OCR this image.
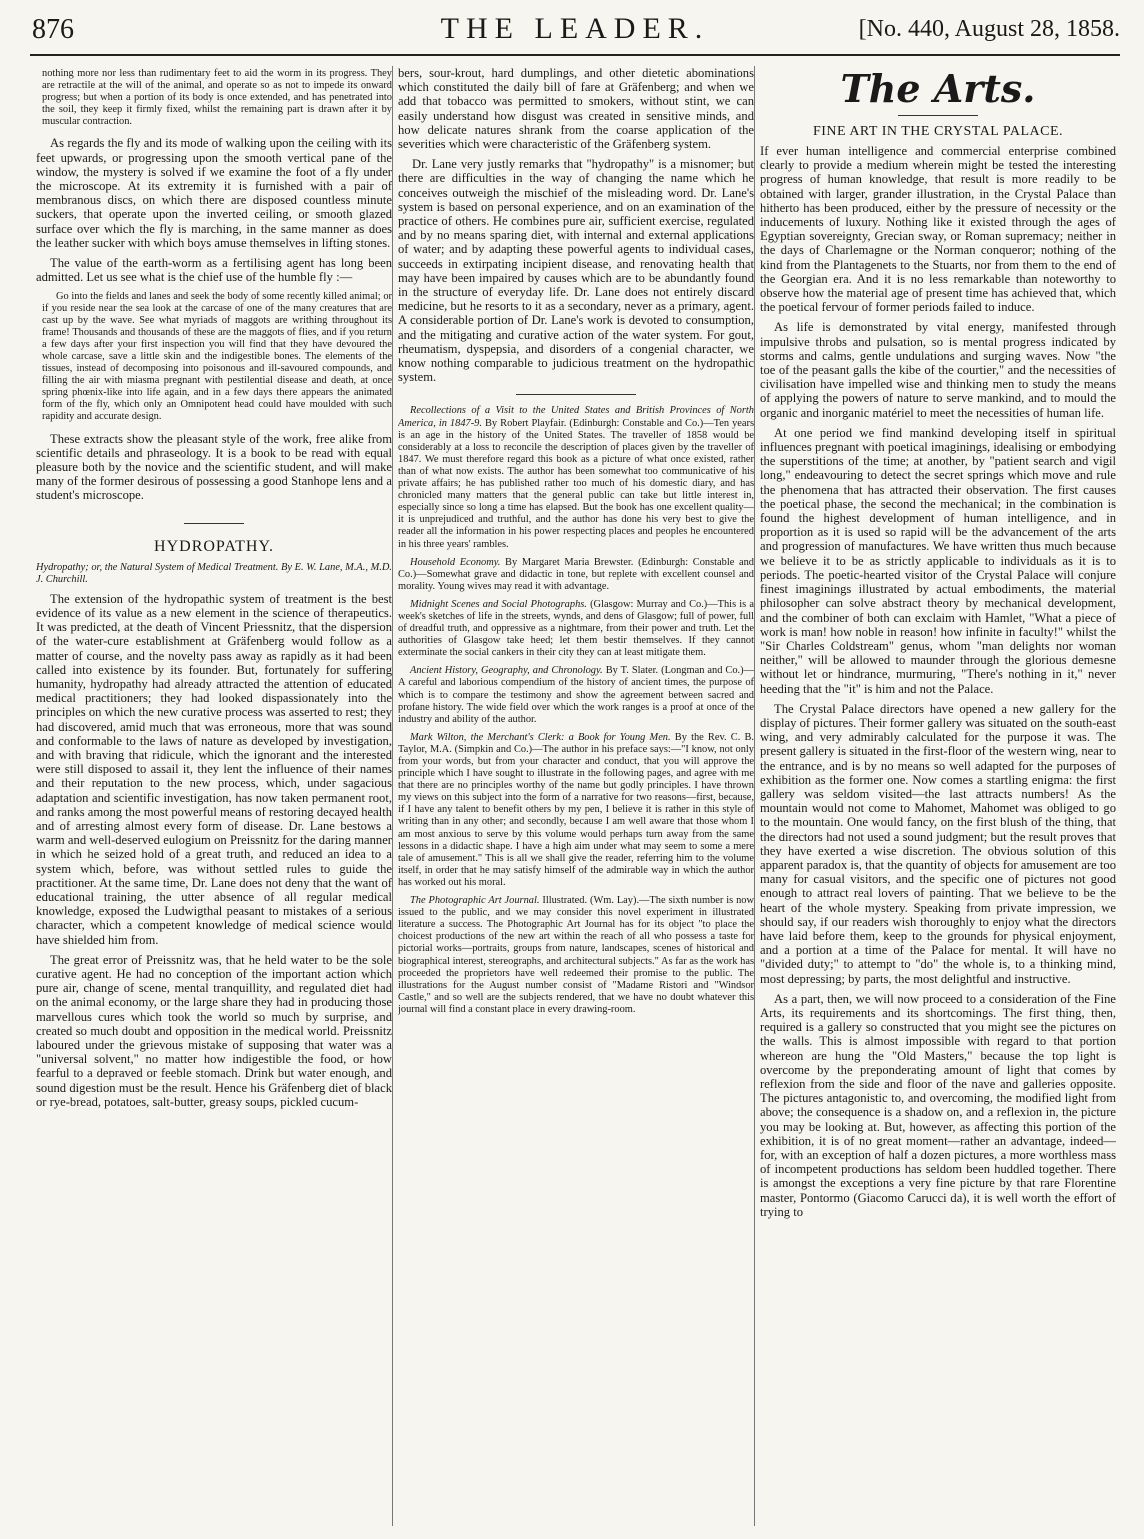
876	THE LEADER.	[No. 440, August 28, 1858.

nothing more nor less than rudimentary feet to aid the worm in its progress. They are retractile at the will of the animal, and operate so as not to impede its onward progress; but when a portion of its body is once extended, and has penetrated into the soil, they keep it firmly fixed, whilst the remaining part is drawn after it by muscular contraction.

As regards the fly and its mode of walking upon the ceiling with its feet upwards, or progressing upon the smooth vertical pane of the window, the mystery is solved if we examine the foot of a fly under the microscope. At its extremity it is furnished with a pair of membranous discs, on which there are disposed countless minute suckers, that operate upon the inverted ceiling, or smooth glazed surface over which the fly is marching, in the same manner as does the leather sucker with which boys amuse themselves in lifting stones.

The value of the earth-worm as a fertilising agent has long been admitted. Let us see what is the chief use of the humble fly :—

Go into the fields and lanes and seek the body of some recently killed animal; or if you reside near the sea look at the carcase of one of the many creatures that are cast up by the wave. See what myriads of maggots are writhing throughout its frame! Thousands and thousands of these are the maggots of flies, and if you return a few days after your first inspection you will find that they have devoured the whole carcase, save a little skin and the indigestible bones. The elements of the tissues, instead of decomposing into poisonous and ill-savoured compounds, and filling the air with miasma pregnant with pestilential disease and death, at once spring phœnix-like into life again, and in a few days there appears the animated form of the fly, which only an Omnipotent head could have moulded with such rapidity and accurate design.

These extracts show the pleasant style of the work, free alike from scientific details and phraseology. It is a book to be read with equal pleasure both by the novice and the scientific student, and will make many of the former desirous of possessing a good Stanhope lens and a student's microscope.

HYDROPATHY.

Hydropathy; or, the Natural System of Medical Treatment. By E. W. Lane, M.A., M.D. J. Churchill.

The extension of the hydropathic system of treatment is the best evidence of its value as a new element in the science of therapeutics. It was predicted, at the death of Vincent Priessnitz, that the dispersion of the water-cure establishment at Gräfenberg would follow as a matter of course, and the novelty pass away as rapidly as it had been called into existence by its founder. But, fortunately for suffering humanity, hydropathy had already attracted the attention of educated medical practitioners; they had looked dispassionately into the principles on which the new curative process was asserted to rest; they had discovered, amid much that was erroneous, more that was sound and conformable to the laws of nature as developed by investigation, and with braving that ridicule, which the ignorant and the interested were still disposed to assail it, they lent the influence of their names and their reputation to the new process, which, under sagacious adaptation and scientific investigation, has now taken permanent root, and ranks among the most powerful means of restoring decayed health and of arresting almost every form of disease. Dr. Lane bestows a warm and well-deserved eulogium on Preissnitz for the daring manner in which he seized hold of a great truth, and reduced an idea to a system which, before, was without settled rules to guide the practitioner. At the same time, Dr. Lane does not deny that the want of educational training, the utter absence of all regular medical knowledge, exposed the Ludwigthal peasant to mistakes of a serious character, which a competent knowledge of medical science would have shielded him from.

The great error of Preissnitz was, that he held water to be the sole curative agent. He had no conception of the important action which pure air, change of scene, mental tranquillity, and regulated diet had on the animal economy, or the large share they had in producing those marvellous cures which took the world so much by surprise, and created so much doubt and opposition in the medical world. Preissnitz laboured under the grievous mistake of supposing that water was a "universal solvent," no matter how indigestible the food, or how fearful to a depraved or feeble stomach. Drink but water enough, and sound digestion must be the result. Hence his Gräfenberg diet of black or rye-bread, potatoes, salt-butter, greasy soups, pickled cucum-

bers, sour-krout, hard dumplings, and other dietetic abominations which constituted the daily bill of fare at Gräfenberg; and when we add that tobacco was permitted to smokers, without stint, we can easily understand how disgust was created in sensitive minds, and how delicate natures shrank from the coarse application of the severities which were characteristic of the Gräfenberg system.

Dr. Lane very justly remarks that "hydropathy" is a misnomer; but there are difficulties in the way of changing the name which he conceives outweigh the mischief of the misleading word. Dr. Lane's system is based on personal experience, and on an examination of the practice of others. He combines pure air, sufficient exercise, regulated and by no means sparing diet, with internal and external applications of water; and by adapting these powerful agents to individual cases, succeeds in extirpating incipient disease, and renovating health that may have been impaired by causes which are to be abundantly found in the structure of everyday life. Dr. Lane does not entirely discard medicine, but he resorts to it as a secondary, never as a primary, agent. A considerable portion of Dr. Lane's work is devoted to consumption, and the mitigating and curative action of the water system. For gout, rheumatism, dyspepsia, and disorders of a congenial character, we know nothing comparable to judicious treatment on the hydropathic system.

Recollections of a Visit to the United States and British Provinces of North America, in 1847-9. By Robert Playfair. (Edinburgh: Constable and Co.)—Ten years is an age in the history of the United States. The traveller of 1858 would be considerably at a loss to reconcile the description of places given by the traveller of 1847. We must therefore regard this book as a picture of what once existed, rather than of what now exists. The author has been somewhat too communicative of his private affairs; he has published rather too much of his domestic diary, and has chronicled many matters that the general public can take but little interest in, especially since so long a time has elapsed. But the book has one excellent quality—it is unprejudiced and truthful, and the author has done his very best to give the reader all the information in his power respecting places and peoples he encountered in his three years' rambles.

Household Economy. By Margaret Maria Brewster. (Edinburgh: Constable and Co.)—Somewhat grave and didactic in tone, but replete with excellent counsel and morality. Young wives may read it with advantage.

Midnight Scenes and Social Photographs. (Glasgow: Murray and Co.)—This is a week's sketches of life in the streets, wynds, and dens of Glasgow; full of power, full of dreadful truth, and oppressive as a nightmare, from their power and truth. Let the authorities of Glasgow take heed; let them bestir themselves. If they cannot exterminate the social cankers in their city they can at least mitigate them.

Ancient History, Geography, and Chronology. By T. Slater. (Longman and Co.)—A careful and laborious compendium of the history of ancient times, the purpose of which is to compare the testimony and show the agreement between sacred and profane history. The wide field over which the work ranges is a proof at once of the industry and ability of the author.

Mark Wilton, the Merchant's Clerk: a Book for Young Men. By the Rev. C. B. Taylor, M.A. (Simpkin and Co.)—The author in his preface says:—"I know, not only from your words, but from your character and conduct, that you will approve the principle which I have sought to illustrate in the following pages, and agree with me that there are no principles worthy of the name but godly principles. I have thrown my views on this subject into the form of a narrative for two reasons—first, because, if I have any talent to benefit others by my pen, I believe it is rather in this style of writing than in any other; and secondly, because I am well aware that those whom I am most anxious to serve by this volume would perhaps turn away from the same lessons in a didactic shape. I have a high aim under what may seem to some a mere tale of amusement." This is all we shall give the reader, referring him to the volume itself, in order that he may satisfy himself of the admirable way in which the author has worked out his moral.

The Photographic Art Journal. Illustrated. (Wm. Lay).—The sixth number is now issued to the public, and we may consider this novel experiment in illustrated literature a success. The Photographic Art Journal has for its object "to place the choicest productions of the new art within the reach of all who possess a taste for pictorial works—portraits, groups from nature, landscapes, scenes of historical and biographical interest, stereographs, and architectural subjects." As far as the work has proceeded the proprietors have well redeemed their promise to the public. The illustrations for the August number consist of "Madame Ristori and "Windsor Castle," and so well are the subjects rendered, that we have no doubt whatever this journal will find a constant place in every drawing-room.

The Arts.
FINE ART IN THE CRYSTAL PALACE.

If ever human intelligence and commercial enterprise combined clearly to provide a medium wherein might be tested the interesting progress of human knowledge, that result is more readily to be obtained with larger, grander illustration, in the Crystal Palace than hitherto has been produced, either by the pressure of necessity or the inducements of luxury. Nothing like it existed through the ages of Egyptian sovereignty, Grecian sway, or Roman supremacy; neither in the days of Charlemagne or the Norman conqueror; nothing of the kind from the Plantagenets to the Stuarts, nor from them to the end of the Georgian era. And it is no less remarkable than noteworthy to observe how the material age of present time has achieved that, which the poetical fervour of former periods failed to induce.

As life is demonstrated by vital energy, manifested through impulsive throbs and pulsation, so is mental progress indicated by storms and calms, gentle undulations and surging waves. Now "the toe of the peasant galls the kibe of the courtier," and the necessities of civilisation have impelled wise and thinking men to study the means of applying the powers of nature to serve mankind, and to mould the organic and inorganic matériel to meet the necessities of human life.

At one period we find mankind developing itself in spiritual influences pregnant with poetical imaginings, idealising or embodying the superstitions of the time; at another, by "patient search and vigil long," endeavouring to detect the secret springs which move and rule the phenomena that has attracted their observation. The first causes the poetical phase, the second the mechanical; in the combination is found the highest development of human intelligence, and in proportion as it is used so rapid will be the advancement of the arts and progression of manufactures. We have written thus much because we believe it to be as strictly applicable to individuals as it is to periods. The poetic-hearted visitor of the Crystal Palace will conjure finest imaginings illustrated by actual embodiments, the material philosopher can solve abstract theory by mechanical development, and the combiner of both can exclaim with Hamlet, "What a piece of work is man! how noble in reason! how infinite in faculty!" whilst the "Sir Charles Coldstream" genus, whom "man delights nor woman neither," will be allowed to maunder through the glorious demesne without let or hindrance, murmuring, "There's nothing in it," never heeding that the "it" is him and not the Palace.

The Crystal Palace directors have opened a new gallery for the display of pictures. Their former gallery was situated on the south-east wing, and very admirably calculated for the purpose it was. The present gallery is situated in the first-floor of the western wing, near to the entrance, and is by no means so well adapted for the purposes of exhibition as the former one. Now comes a startling enigma: the first gallery was seldom visited—the last attracts numbers! As the mountain would not come to Mahomet, Mahomet was obliged to go to the mountain. One would fancy, on the first blush of the thing, that the directors had not used a sound judgment; but the result proves that they have exerted a wise discretion. The obvious solution of this apparent paradox is, that the quantity of objects for amusement are too many for casual visitors, and the specific one of pictures not good enough to attract real lovers of painting. That we believe to be the heart of the whole mystery. Speaking from private impression, we should say, if our readers wish thoroughly to enjoy what the directors have laid before them, keep to the grounds for physical enjoyment, and a portion at a time of the Palace for mental. It will have no "divided duty;" to attempt to "do" the whole is, to a thinking mind, most depressing; by parts, the most delightful and instructive.

As a part, then, we will now proceed to a consideration of the Fine Arts, its requirements and its shortcomings. The first thing, then, required is a gallery so constructed that you might see the pictures on the walls. This is almost impossible with regard to that portion whereon are hung the "Old Masters," because the top light is overcome by the preponderating amount of light that comes by reflexion from the side and floor of the nave and galleries opposite. The pictures antagonistic to, and overcoming, the modified light from above; the consequence is a shadow on, and a reflexion in, the picture you may be looking at. But, however, as affecting this portion of the exhibition, it is of no great moment—rather an advantage, indeed—for, with an exception of half a dozen pictures, a more worthless mass of incompetent productions has seldom been huddled together. There is amongst the exceptions a very fine picture by that rare Florentine master, Pontormo (Giacomo Carucci da), it is well worth the effort of trying to
